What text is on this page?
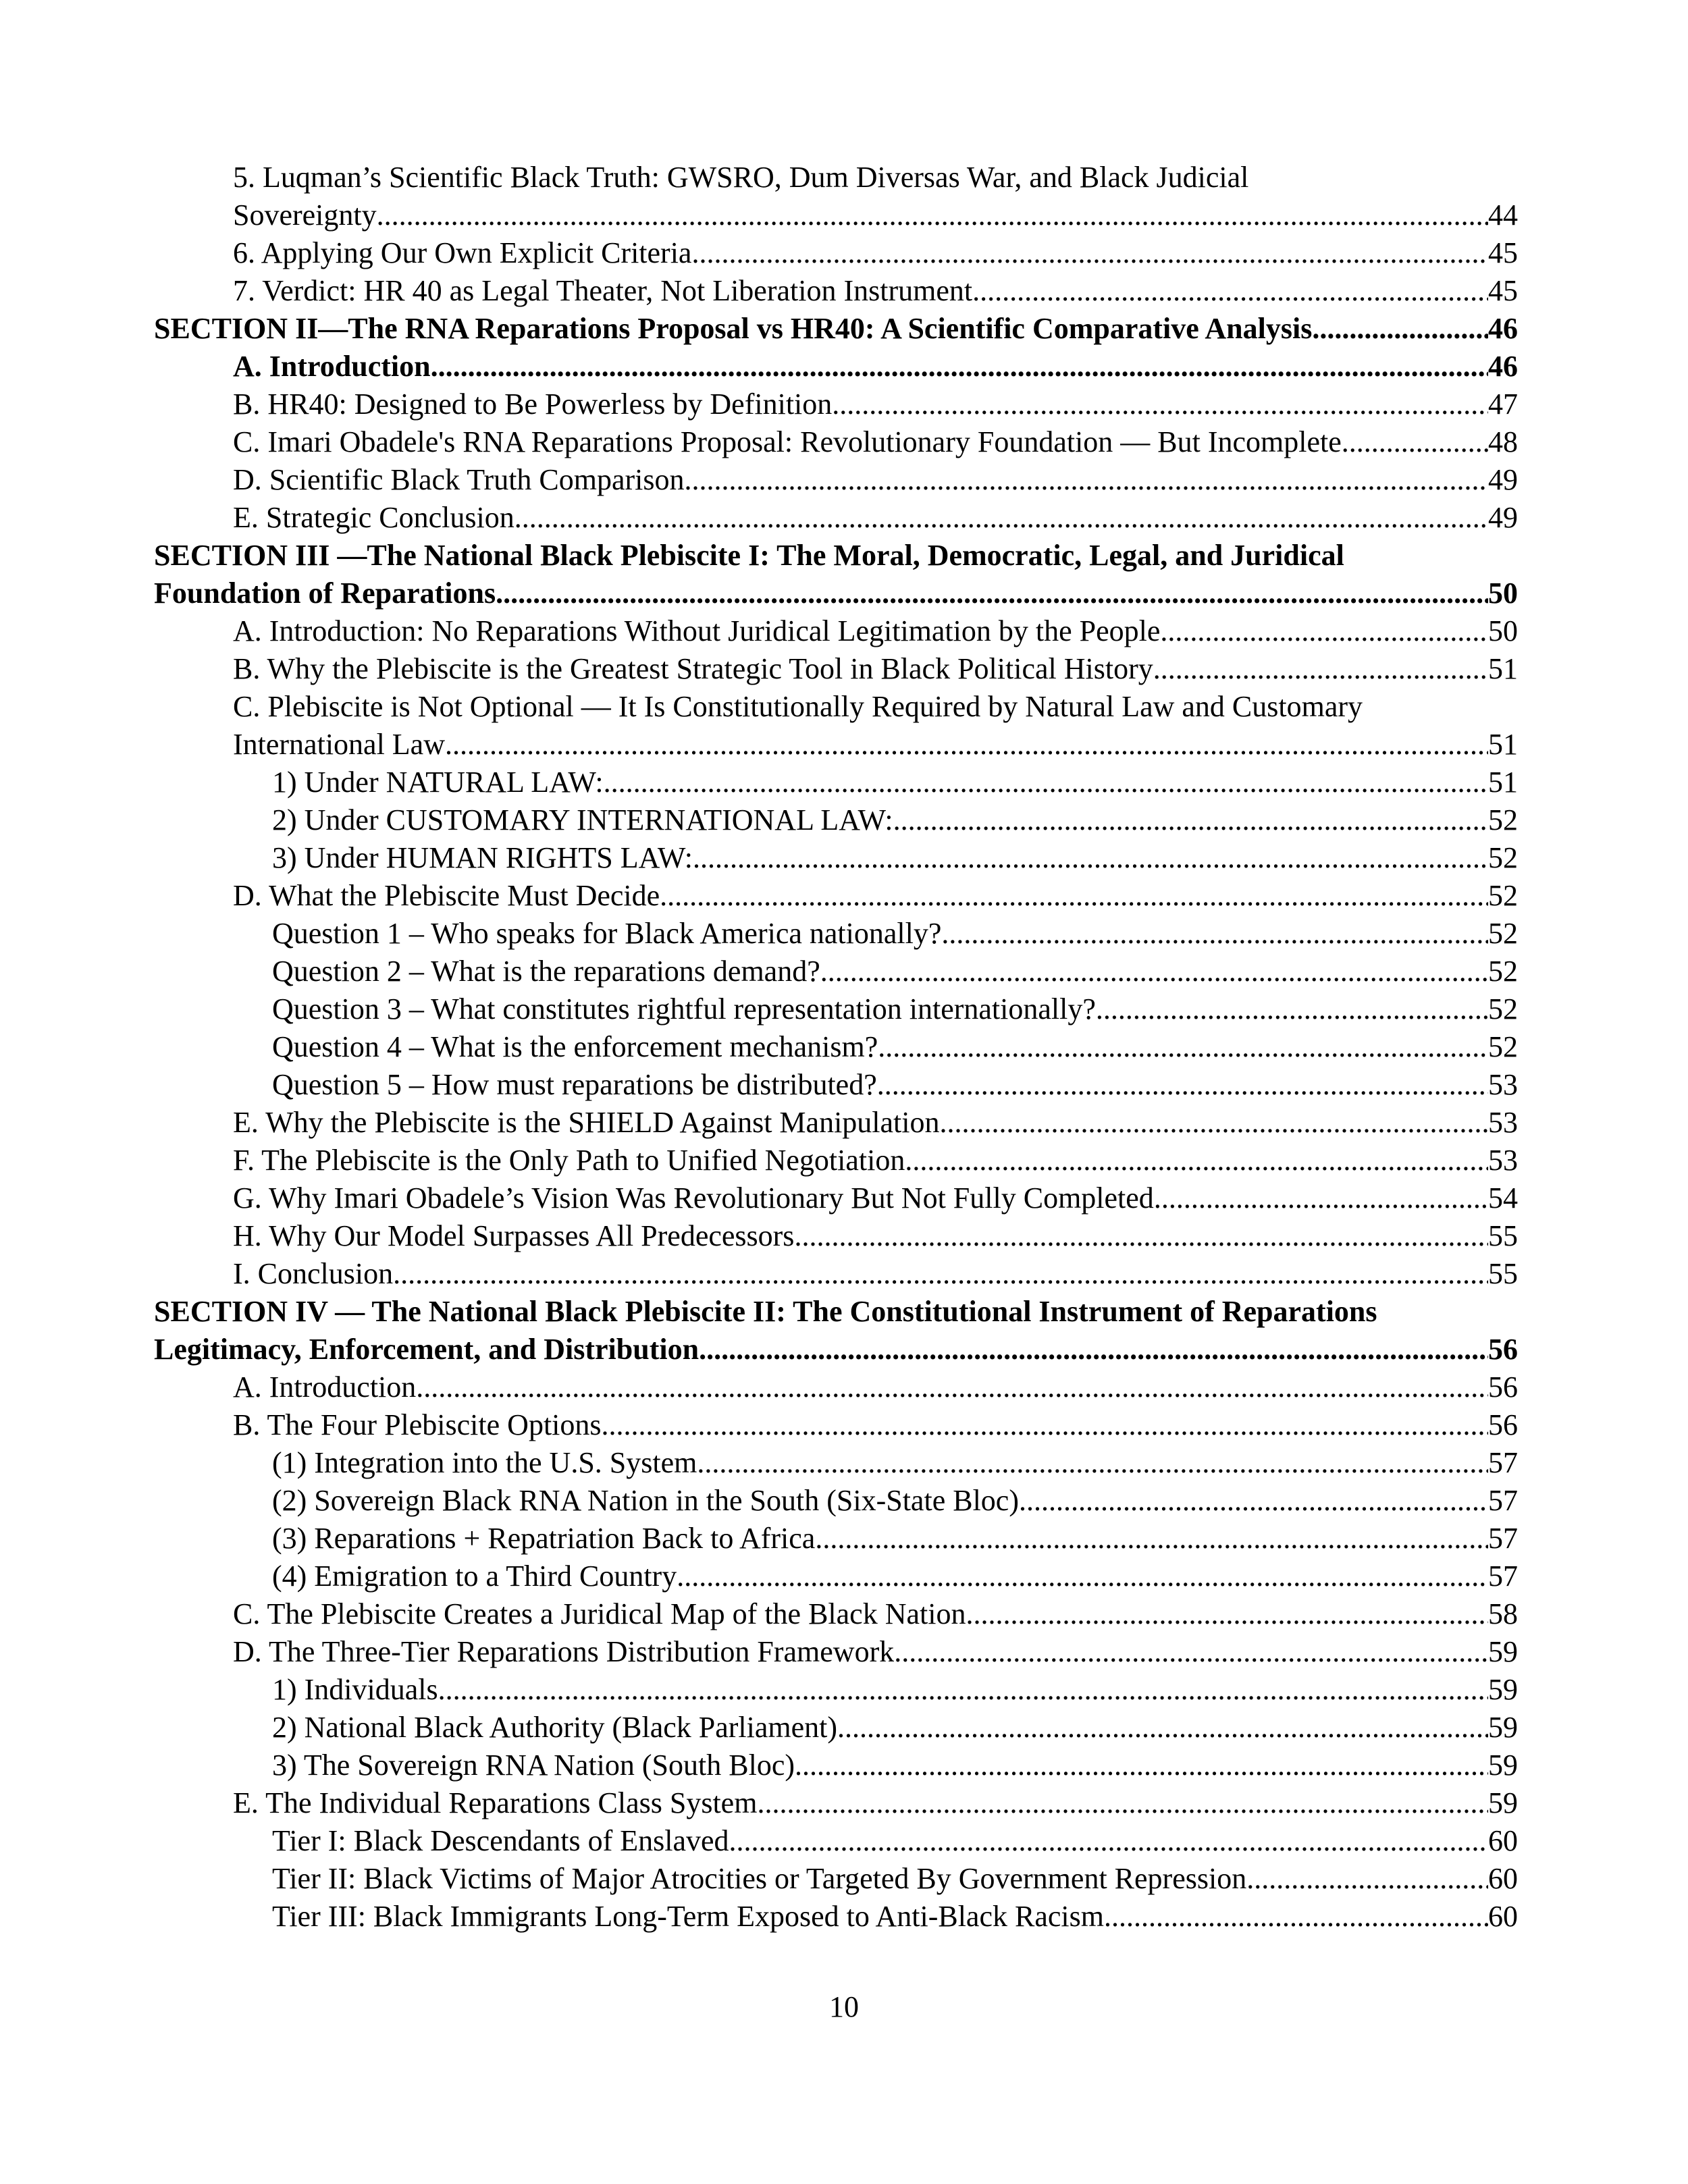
5. Luqman’s Scientific Black Truth: GWSRO, Dum Diversas War, and Black Judicial
Sovereignty .....	44
6. Applying Our Own Explicit Criteria .....	45
7. Verdict: HR 40 as Legal Theater, Not Liberation Instrument .....	45
SECTION II—The RNA Reparations Proposal vs HR40: A Scientific Comparative Analysis .....	46
A. Introduction .....	46
B. HR40: Designed to Be Powerless by Definition .....	47
C. Imari Obadele's RNA Reparations Proposal: Revolutionary Foundation — But Incomplete .....	48
D. Scientific Black Truth Comparison .....	49
E. Strategic Conclusion .....	49
SECTION III —The National Black Plebiscite I: The Moral, Democratic, Legal, and Juridical
Foundation of Reparations .....	50
A. Introduction: No Reparations Without Juridical Legitimation by the People .....	50
B. Why the Plebiscite is the Greatest Strategic Tool in Black Political History .....	51
C. Plebiscite is Not Optional — It Is Constitutionally Required by Natural Law and Customary
International Law .....	51
1) Under NATURAL LAW: .....	51
2) Under CUSTOMARY INTERNATIONAL LAW: .....	52
3) Under HUMAN RIGHTS LAW: .....	52
D. What the Plebiscite Must Decide .....	52
Question 1 – Who speaks for Black America nationally? .....	52
Question 2 – What is the reparations demand? .....	52
Question 3 – What constitutes rightful representation internationally? .....	52
Question 4 – What is the enforcement mechanism? .....	52
Question 5 – How must reparations be distributed? .....	53
E. Why the Plebiscite is the SHIELD Against Manipulation .....	53
F. The Plebiscite is the Only Path to Unified Negotiation .....	53
G. Why Imari Obadele’s Vision Was Revolutionary But Not Fully Completed .....	54
H. Why Our Model Surpasses All Predecessors .....	55
I. Conclusion .....	55
SECTION IV — The National Black Plebiscite II: The Constitutional Instrument of Reparations
Legitimacy, Enforcement, and Distribution .....	56
A. Introduction .....	56
B. The Four Plebiscite Options .....	56
(1) Integration into the U.S. System .....	57
(2) Sovereign Black RNA Nation in the South (Six-State Bloc) .....	57
(3) Reparations + Repatriation Back to Africa .....	57
(4) Emigration to a Third Country .....	57
C. The Plebiscite Creates a Juridical Map of the Black Nation .....	58
D. The Three-Tier Reparations Distribution Framework .....	59
1) Individuals .....	59
2) National Black Authority (Black Parliament) .....	59
3) The Sovereign RNA Nation (South Bloc) .....	59
E. The Individual Reparations Class System .....	59
Tier I: Black Descendants of Enslaved .....	60
Tier II: Black Victims of Major Atrocities or Targeted By Government Repression .....	60
Tier III: Black Immigrants Long-Term Exposed to Anti-Black Racism .....	60
10
